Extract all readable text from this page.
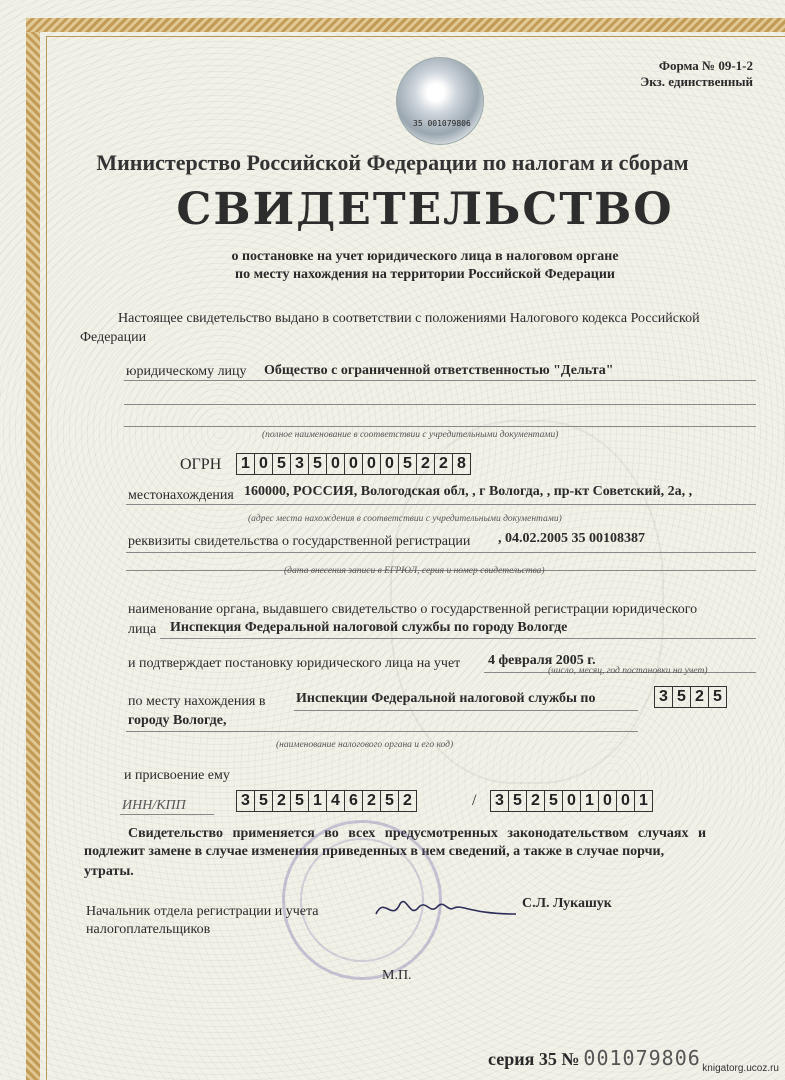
Форма № 09-1-2
Экз. единственный
35 001079806
Министерство Российской Федерации по налогам и сборам
СВИДЕТЕЛЬСТВО
о постановке на учет юридического лица в налоговом органе
по месту нахождения на территории Российской Федерации
Настоящее свидетельство выдано в соответствии с положениями Налогового кодекса Российской
Федерации
юридическому лицу Общество с ограниченной ответственностью "Дельта"
(полное наименование в соответствии с учредительными документами)
ОГРН 1 0 5 3 5 0 0 0 0 5 2 2 8
местонахождения 160000, РОССИЯ, Вологодская обл, , г Вологда, , пр-кт Советский, 2а, ,
(адрес места нахождения в соответствии с учредительными документами)
реквизиты свидетельства о государственной регистрации , 04.02.2005 35 00108387
(дата внесения записи в ЕГРЮЛ, серия и номер свидетельства)
наименование органа, выдавшего свидетельство о государственной регистрации юридического
лица Инспекция Федеральной налоговой службы по городу Вологде
и подтверждает постановку юридического лица на учет 4 февраля 2005 г.
(число, месяц, год постановки на учет)
по месту нахождения в Инспекции Федеральной налоговой службы по
городу Вологде,
3 5 2 5
(наименование налогового органа и его код)
и присвоение ему
ИНН/КПП	3 5 2 5 1 4 6 2 5 2	/ 3 5 2 5 0 1 0 0 1
Свидетельство применяется во всех предусмотренных законодательством случаях и
подлежит замене в случае изменения приведенных в нем сведений, а также в случае порчи,
утраты.
Начальник отдела регистрации и учета
налогоплательщиков
С.Л. Лукашук
М.П.
серия 35 № 001079806 knigatorg.ucoz.ru
